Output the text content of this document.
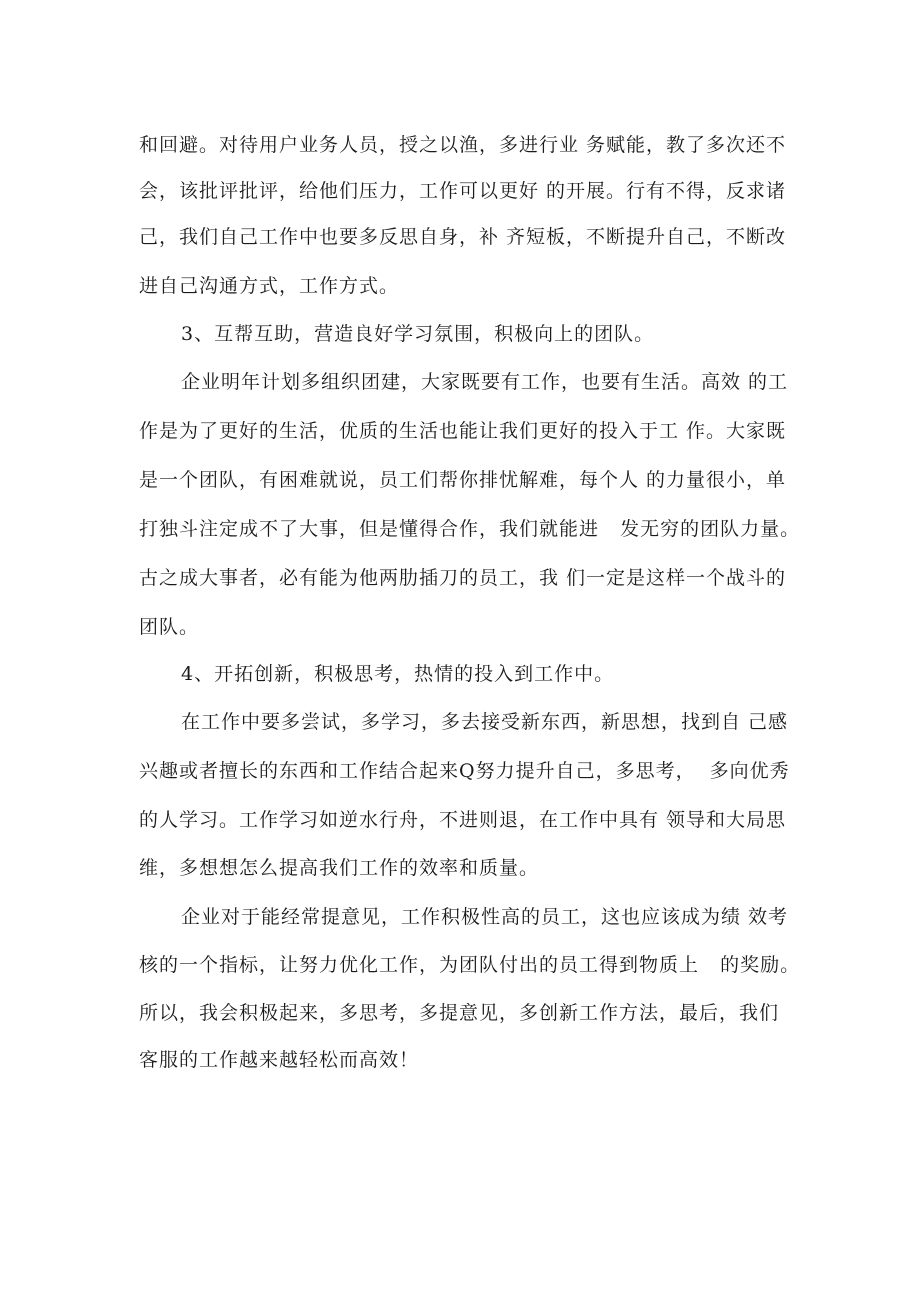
和回避。对待用户业务人员，授之以渔，多进行业 务赋能，教了多次还不
会，该批评批评，给他们压力，工作可以更好 的开展。行有不得，反求诸
己，我们自己工作中也要多反思自身，补 齐短板，不断提升自己，不断改
进自己沟通方式，工作方式。
3、互帮互助，营造良好学习氛围，积极向上的团队。
企业明年计划多组织团建，大家既要有工作，也要有生活。高效 的工
作是为了更好的生活，优质的生活也能让我们更好的投入于工 作。大家既
是一个团队，有困难就说，员工们帮你排忧解难，每个人 的力量很小，单
打独斗注定成不了大事，但是懂得合作，我们就能进   发无穷的团队力量。
古之成大事者，必有能为他两肋插刀的员工，我 们一定是这样一个战斗的
团队。
4、开拓创新，积极思考，热情的投入到工作中。
在工作中要多尝试，多学习，多去接受新东西，新思想，找到自 己感
兴趣或者擅长的东西和工作结合起来Q努力提升自己，多思考，  多向优秀
的人学习。工作学习如逆水行舟，不进则退，在工作中具有 领导和大局思
维，多想想怎么提高我们工作的效率和质量。
企业对于能经常提意见，工作积极性高的员工，这也应该成为绩 效考
核的一个指标，让努力优化工作，为团队付出的员工得到物质上   的奖励。
所以，我会积极起来，多思考，多提意见，多创新工作方法，最后，我们
客服的工作越来越轻松而高效！
